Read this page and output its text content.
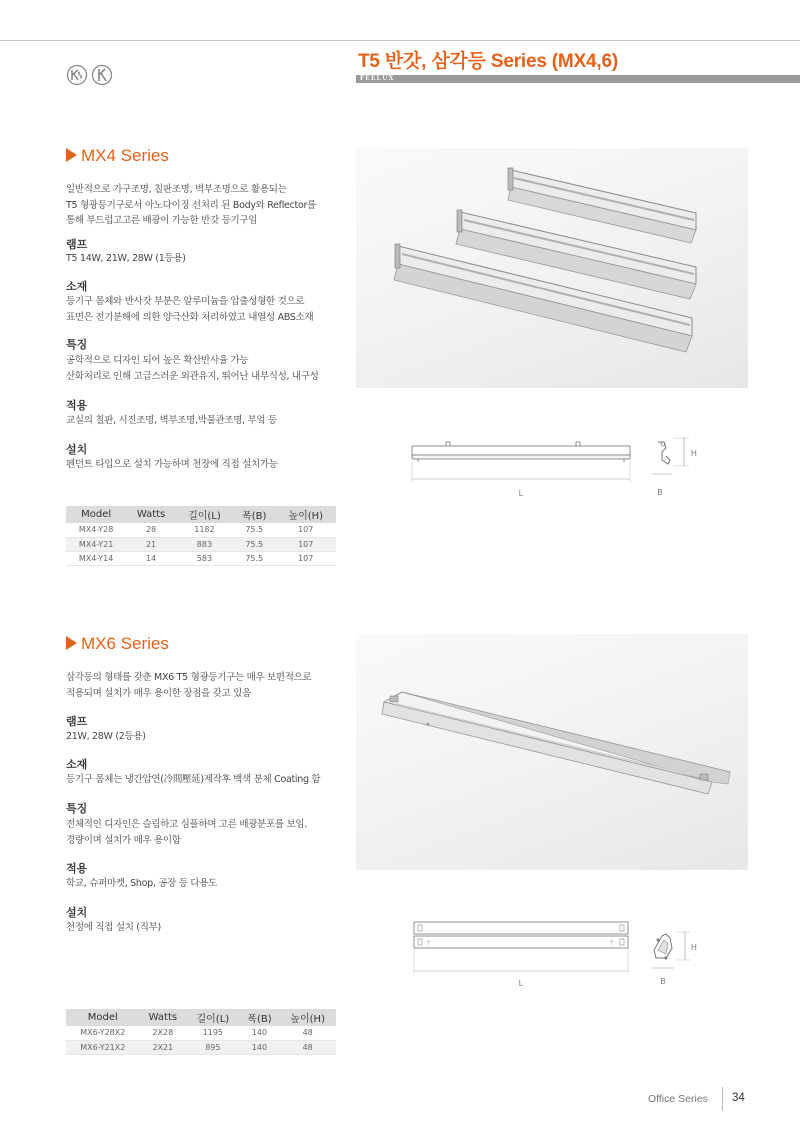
T5 반갓, 삼각등 Series (MX4,6)
FEELUX
MX4 Series
일반적으로 가구조명, 칠판조명, 벽부조명으로 활용되는
T5 형광등기구로서 아노다이징 선처리 된 Body와 Reflector를
통해 부드럽고고른 배광이 가능한 반갓 등기구임
램프
T5 14W, 21W, 28W (1등용)
소재
등기구 몸체와 반사갓 부분은 알루미늄을 압출성형한 것으로
표면은 전기분해에 의한 양극산화 처리하였고 내열성 ABS소재
특징
공학적으로 디자인 되어 높은 확산반사율 가능
산화처리로 인해 고급스러운 외관유지, 뛰어난 내부식성, 내구성
적용
교실의 칠판, 시진조명, 벽부조명,박물관조명, 부엌 등
설치
펜던트 타입으로 설치 가능하며 천장에 직접 설치가능
L	B
H
Model	Watts	길이(L)	폭(B)	높이(H)
MX4-Y28	28	1182	75.5	107
MX4-Y21	21	883	75.5	107
MX4-Y14	14	583	75.5	107
MX6 Series
삼각등의 형태를 갖춘 MX6 T5 형광등기구는 매우 보편적으로
적용되며 설치가 매우 용이한 장점을 갖고 있음
램프
21W, 28W (2등용)
소재
등기구 몸체는 냉간압연(冷間壓延)제작후 백색 분체 Coating 함
특징
전체적인 디자인은 슬림하고 심플하며 고른 배광분포를 보임.
경량이며 설치가 매우 용이함
적용
학교, 슈퍼마켓, Shop, 공장 등 다용도
설치
천정에 직접 설치 (직부)
⊤	⊤
L	B
H
Model	Watts	길이(L)	폭(B)	높이(H)
MX6-Y28X2	2X28	1195	140	48
MX6-Y21X2	2X21	895	140	48
Office Series 34
